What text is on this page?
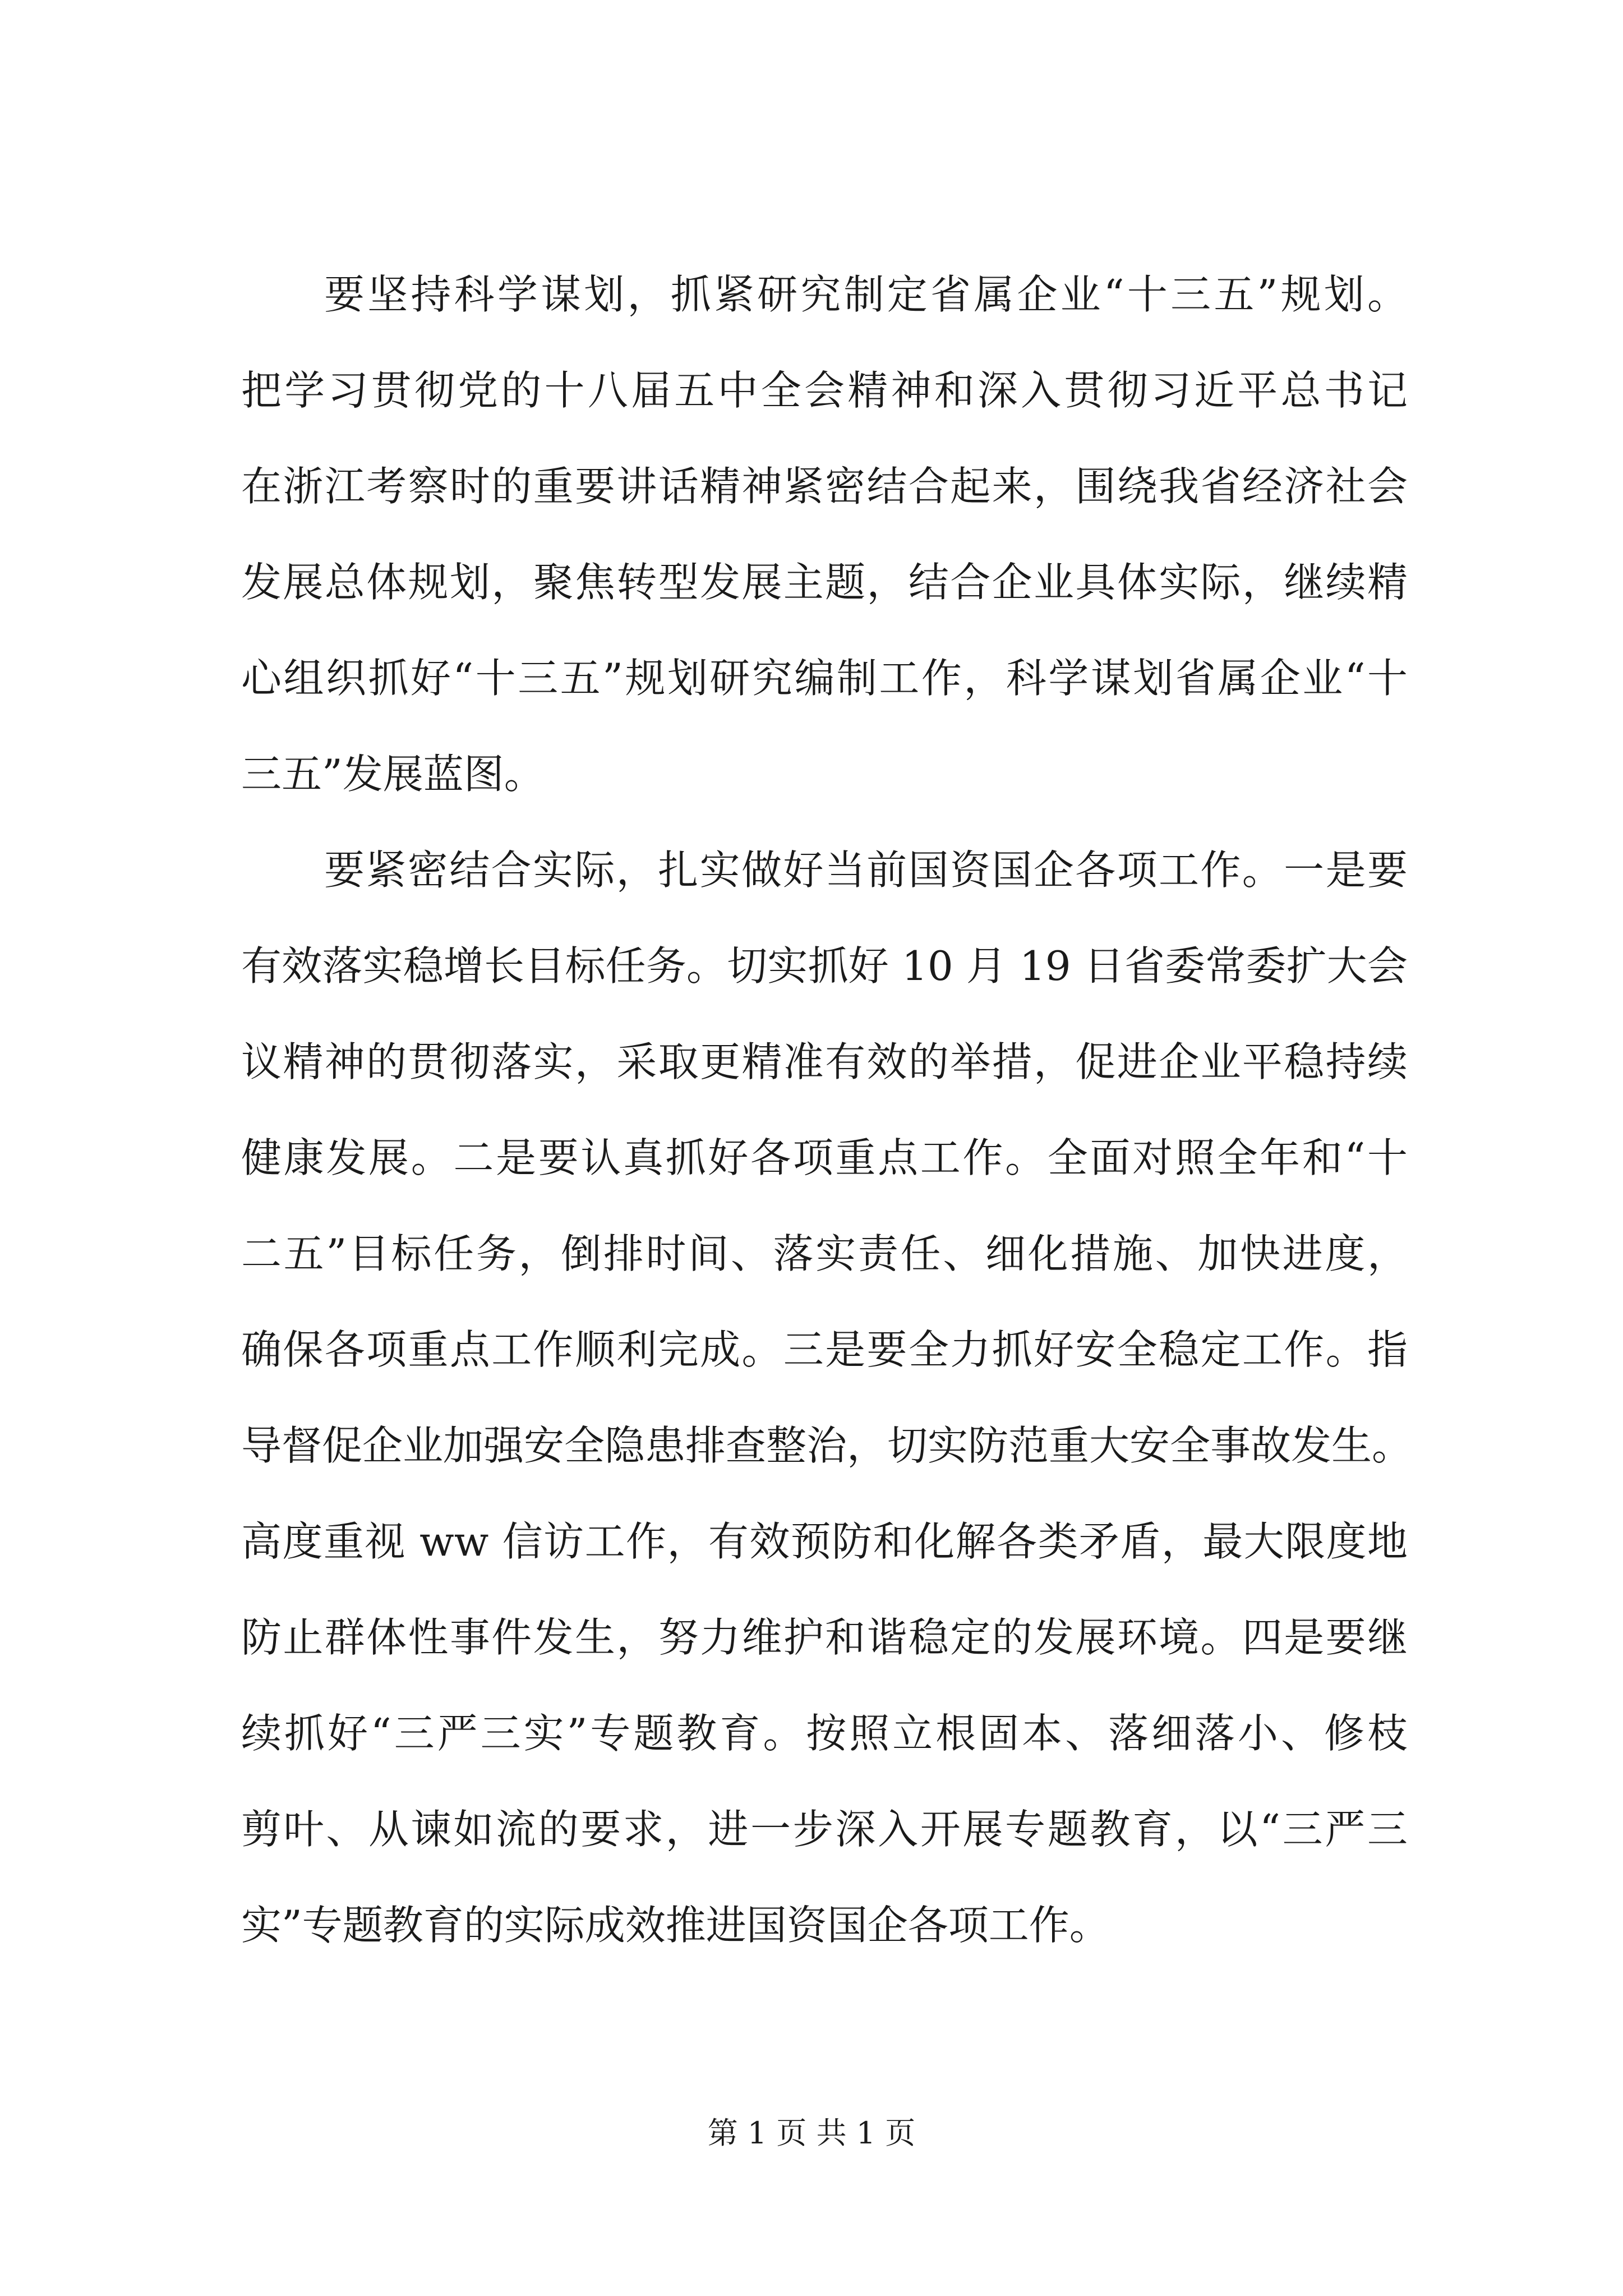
要坚持科学谋划，抓紧研究制定省属企业“十三五”规划。
把学习贯彻党的十八届五中全会精神和深入贯彻习近平总书记
在浙江考察时的重要讲话精神紧密结合起来，围绕我省经济社会
发展总体规划，聚焦转型发展主题，结合企业具体实际，继续精
心组织抓好“十三五”规划研究编制工作，科学谋划省属企业“十
三五”发展蓝图。
要紧密结合实际，扎实做好当前国资国企各项工作。一是要
有效落实稳增长目标任务。切实抓好 10 月 19 日省委常委扩大会
议精神的贯彻落实，采取更精准有效的举措，促进企业平稳持续
健康发展。二是要认真抓好各项重点工作。全面对照全年和“十
二五”目标任务，倒排时间、落实责任、细化措施、加快进度，
确保各项重点工作顺利完成。三是要全力抓好安全稳定工作。指
导督促企业加强安全隐患排查整治，切实防范重大安全事故发生。
高度重视 ww 信访工作，有效预防和化解各类矛盾，最大限度地
防止群体性事件发生，努力维护和谐稳定的发展环境。四是要继
续抓好“三严三实”专题教育。按照立根固本、落细落小、修枝
剪叶、从谏如流的要求，进一步深入开展专题教育，以“三严三
实”专题教育的实际成效推进国资国企各项工作。
第 1 页 共 1 页
